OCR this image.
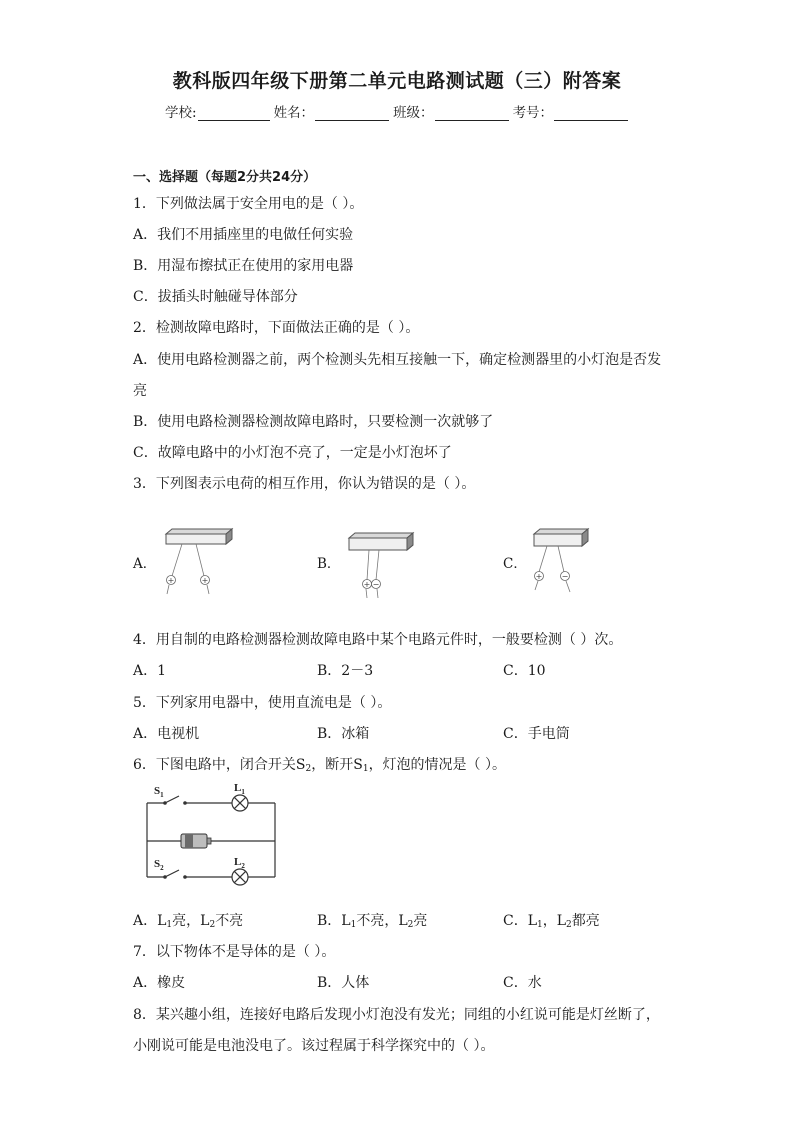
教科版四年级下册第二单元电路测试题（三）附答案
学校:	姓名：	班级：	考号：
一、选择题（每题2分共24分）
1．下列做法属于安全用电的是（ ）。
A．我们不用插座里的电做任何实验
B．用湿布擦拭正在使用的家用电器
C．拔插头时触碰导体部分
2．检测故障电路时，下面做法正确的是（ ）。
A．使用电路检测器之前，两个检测头先相互接触一下，确定检测器里的小灯泡是否发
亮
B．使用电路检测器检测故障电路时，只要检测一次就够了
C．故障电路中的小灯泡不亮了，一定是小灯泡坏了
3．下列图表示电荷的相互作用，你认为错误的是（ ）。
A．	B．	C．
+	+	+ −
+ −
4．用自制的电路检测器检测故障电路中某个电路元件时，一般要检测（ ）次。
A．1	B．2－3	C．10
5．下列家用电器中，使用直流电是（ ）。
A．电视机	B．冰箱	C．手电筒
6．下图电路中，闭合开关$S_2$，断开$S_1$，灯泡的情况是（ ）。
$S_1$
$L_1$
$S_2$	$L_2$
A．$L_1$亮，$L_2$不亮	B．$L_1$不亮，$L_2$亮	C．$L_1$，$L_2$都亮
7．以下物体不是导体的是（ ）。
A．橡皮	B．人体	C．水
8．某兴趣小组，连接好电路后发现小灯泡没有发光；同组的小红说可能是灯丝断了，
小刚说可能是电池没电了。该过程属于科学探究中的（ ）。
